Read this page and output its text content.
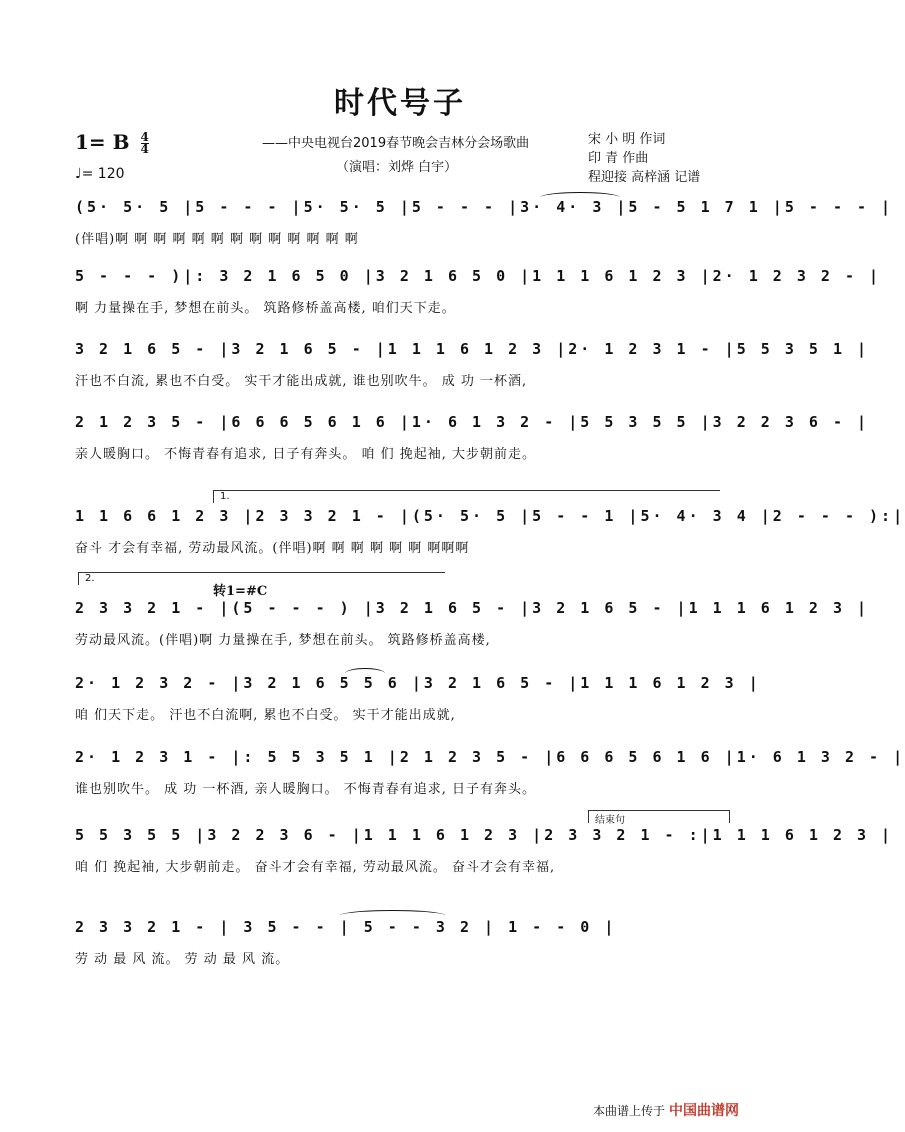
时代号子
1= B $\frac{4}{4}$
♩= 120
——中央电视台2019春节晚会吉林分会场歌曲
（演唱：刘烨 白宇）
宋 小 明 作词
印 青 作曲
程迎接 高梓涵 记谱
(5· 5· 5 |5 - - - |5· 5· 5 |5 - - - |3· 4· 3 |5 - 5 1 7 1 |5 - - - |
(伴唱)啊 啊 啊 啊 啊 啊 啊 啊 啊 啊 啊 啊 啊
5 - - - )|: 3 2 1 6 5 0 |3 2 1 6 5 0 |1 1 1 6 1 2 3 |2· 1 2 3 2 - |
啊 力量操在手, 梦想在前头。 筑路修桥盖高楼, 咱们天下走。
3 2 1 6 5 - |3 2 1 6 5 - |1 1 1 6 1 2 3 |2· 1 2 3 1 - |5 5 3 5 1 |
汗也不白流, 累也不白受。 实干才能出成就, 谁也别吹牛。 成 功 一杯酒,
2 1 2 3 5 - |6 6 6 5 6 1 6 |1· 6 1 3 2 - |5 5 3 5 5 |3 2 2 3 6 - |
亲人暖胸口。 不悔青春有追求, 日子有奔头。 咱 们 挽起袖, 大步朝前走。
1.
1 1 6 6 1 2 3 |2 3 3 2 1 - |(5· 5· 5 |5 - - 1 |5· 4· 3 4 |2 - - - ):|
奋斗 才会有幸福, 劳动最风流。(伴唱)啊 啊 啊 啊 啊 啊 啊啊啊
2.
转1=#C
2 3 3 2 1 - |(5 - - - ) |3 2 1 6 5 - |3 2 1 6 5 - |1 1 1 6 1 2 3 |
劳动最风流。(伴唱)啊 力量操在手, 梦想在前头。 筑路修桥盖高楼,
2· 1 2 3 2 - |3 2 1 6 5 5 6 |3 2 1 6 5 - |1 1 1 6 1 2 3 |
咱 们天下走。 汗也不白流啊, 累也不白受。 实干才能出成就,
2· 1 2 3 1 - |: 5 5 3 5 1 |2 1 2 3 5 - |6 6 6 5 6 1 6 |1· 6 1 3 2 - |
谁也别吹牛。 成 功 一杯酒, 亲人暖胸口。 不悔青春有追求, 日子有奔头。
结束句
5 5 3 5 5 |3 2 2 3 6 - |1 1 1 6 1 2 3 |2 3 3 2 1 - :|1 1 1 6 1 2 3 |
咱 们 挽起袖, 大步朝前走。 奋斗才会有幸福, 劳动最风流。 奋斗才会有幸福,
2 3 3 2 1 - | 3 5 - - | 5 - - 3 2 | 1 - - 0 |
劳 动 最 风 流。 劳 动 最 风 流。
本曲谱上传于 中国曲谱网
